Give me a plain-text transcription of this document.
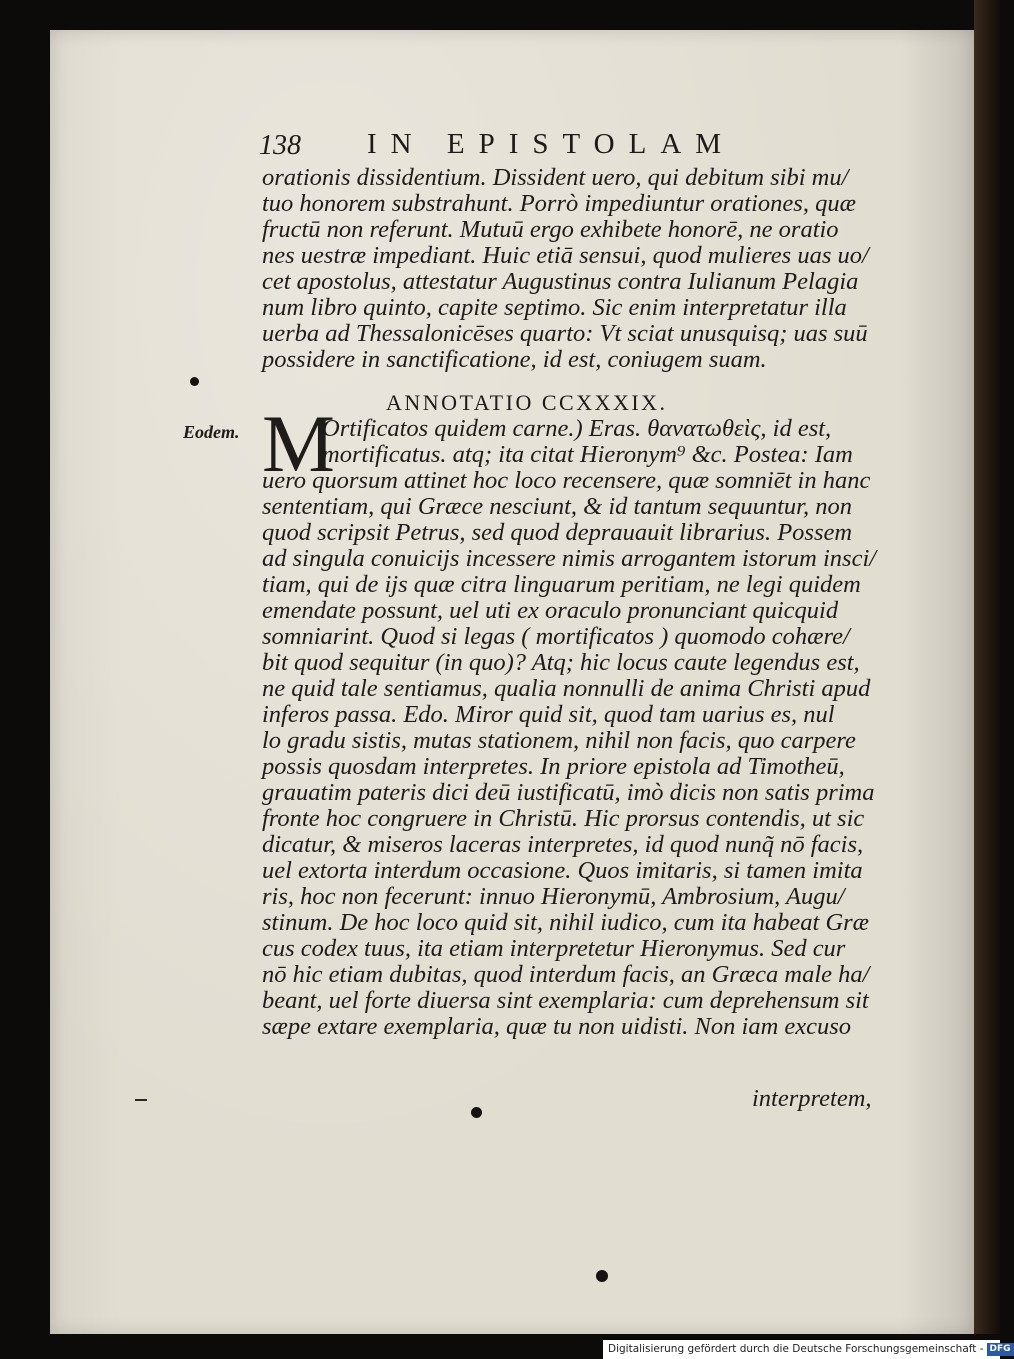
138 IN EPISTOLAM
orationis dissidentium. Dissident uero, qui debitum sibi mu/
tuo honorem substrahunt. Porrò impediuntur orationes, quæ
fructū non referunt. Mutuū ergo exhibete honorē, ne oratio
nes uestræ impediant. Huic etiā sensui, quod mulieres uas uo/
cet apostolus, attestatur Augustinus contra Iulianum Pelagia
num libro quinto, capite septimo. Sic enim interpretatur illa
uerba ad Thessalonicēses quarto: Vt sciat unusquisq; uas suū
possidere in sanctificatione, id est, coniugem suam.
ANNOTATIO CCXXXIX.
Eodem. M
Ortificatos quidem carne.) Eras. θανατωθεὶς, id est,
mortificatus. atq; ita citat Hieronym⁹ &c. Postea: Iam
uero quorsum attinet hoc loco recensere, quæ somniēt in hanc
sententiam, qui Græce nesciunt, & id tantum sequuntur, non
quod scripsit Petrus, sed quod deprauauit librarius. Possem
ad singula conuicijs incessere nimis arrogantem istorum insci/
tiam, qui de ijs quæ citra linguarum peritiam, ne legi quidem
emendate possunt, uel uti ex oraculo pronunciant quicquid
somniarint. Quod si legas ( mortificatos ) quomodo cohære/
bit quod sequitur (in quo)? Atq; hic locus caute legendus est,
ne quid tale sentiamus, qualia nonnulli de anima Christi apud
inferos passa. Edo. Miror quid sit, quod tam uarius es, nul
lo gradu sistis, mutas stationem, nihil non facis, quo carpere
possis quosdam interpretes. In priore epistola ad Timotheū,
grauatim pateris dici deū iustificatū, imò dicis non satis prima
fronte hoc congruere in Christū. Hic prorsus contendis, ut sic
dicatur, & miseros laceras interpretes, id quod nunq̃ nō facis,
uel extorta interdum occasione. Quos imitaris, si tamen imita
ris, hoc non fecerunt: innuo Hieronymū, Ambrosium, Augu/
stinum. De hoc loco quid sit, nihil iudico, cum ita habeat Græ
cus codex tuus, ita etiam interpretetur Hieronymus. Sed cur
nō hic etiam dubitas, quod interdum facis, an Græca male ha/
beant, uel forte diuersa sint exemplaria: cum deprehensum sit
sæpe extare exemplaria, quæ tu non uidisti. Non iam excuso
interpretem,
Digitalisierung gefördert durch die Deutsche Forschungsgemeinschaft - DFG
